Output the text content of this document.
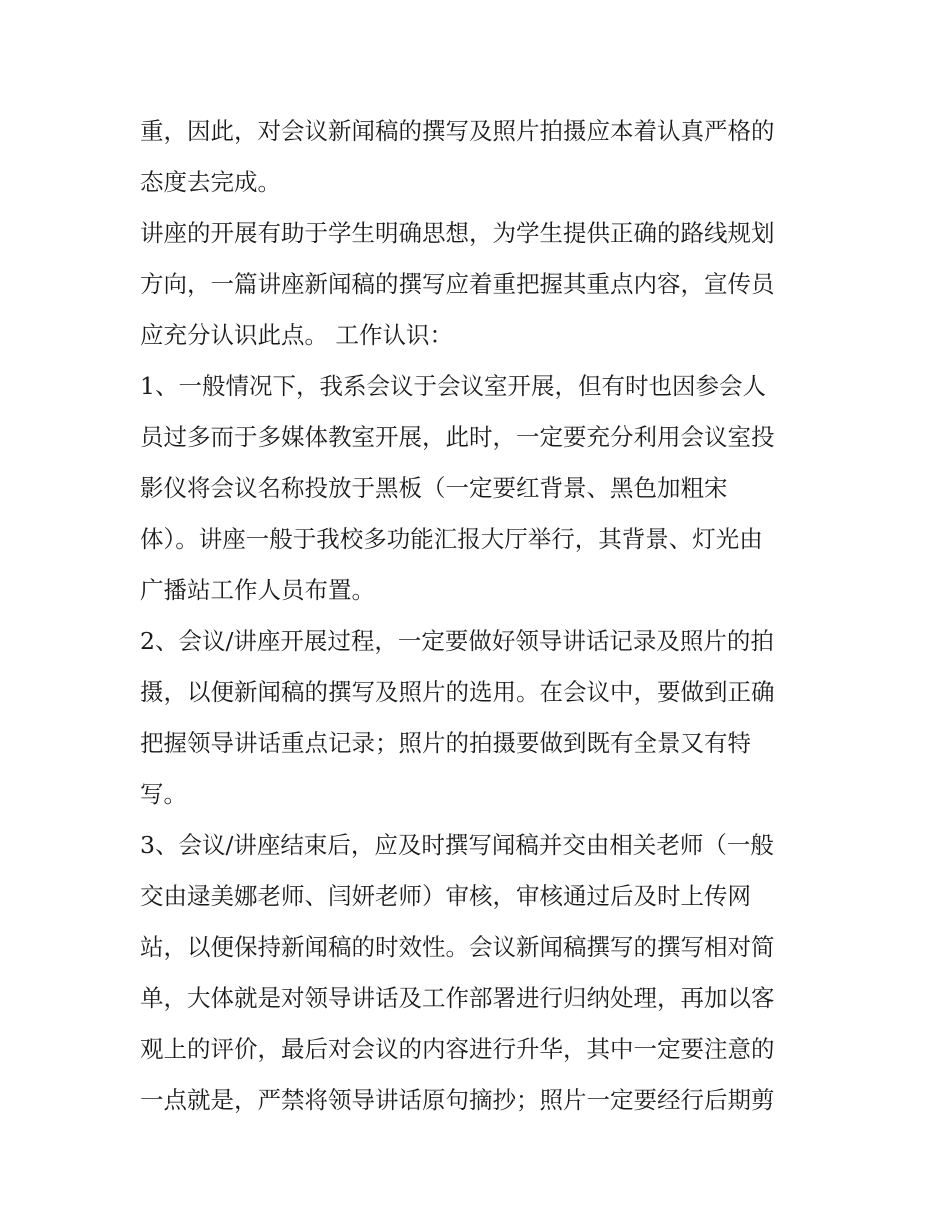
重，因此，对会议新闻稿的撰写及照片拍摄应本着认真严格的
态度去完成。
讲座的开展有助于学生明确思想，为学生提供正确的路线规划
方向，一篇讲座新闻稿的撰写应着重把握其重点内容，宣传员
应充分认识此点。 工作认识：
1、一般情况下，我系会议于会议室开展，但有时也因参会人
员过多而于多媒体教室开展，此时，一定要充分利用会议室投
影仪将会议名称投放于黑板（一定要红背景、黑色加粗宋
体）。讲座一般于我校多功能汇报大厅举行，其背景、灯光由
广播站工作人员布置。
2、会议/讲座开展过程，一定要做好领导讲话记录及照片的拍
摄，以便新闻稿的撰写及照片的选用。在会议中，要做到正确
把握领导讲话重点记录；照片的拍摄要做到既有全景又有特
写。
3、会议/讲座结束后，应及时撰写闻稿并交由相关老师（一般
交由逯美娜老师、闫妍老师）审核，审核通过后及时上传网
站，以便保持新闻稿的时效性。会议新闻稿撰写的撰写相对简
单，大体就是对领导讲话及工作部署进行归纳处理，再加以客
观上的评价，最后对会议的内容进行升华，其中一定要注意的
一点就是，严禁将领导讲话原句摘抄；照片一定要经行后期剪
